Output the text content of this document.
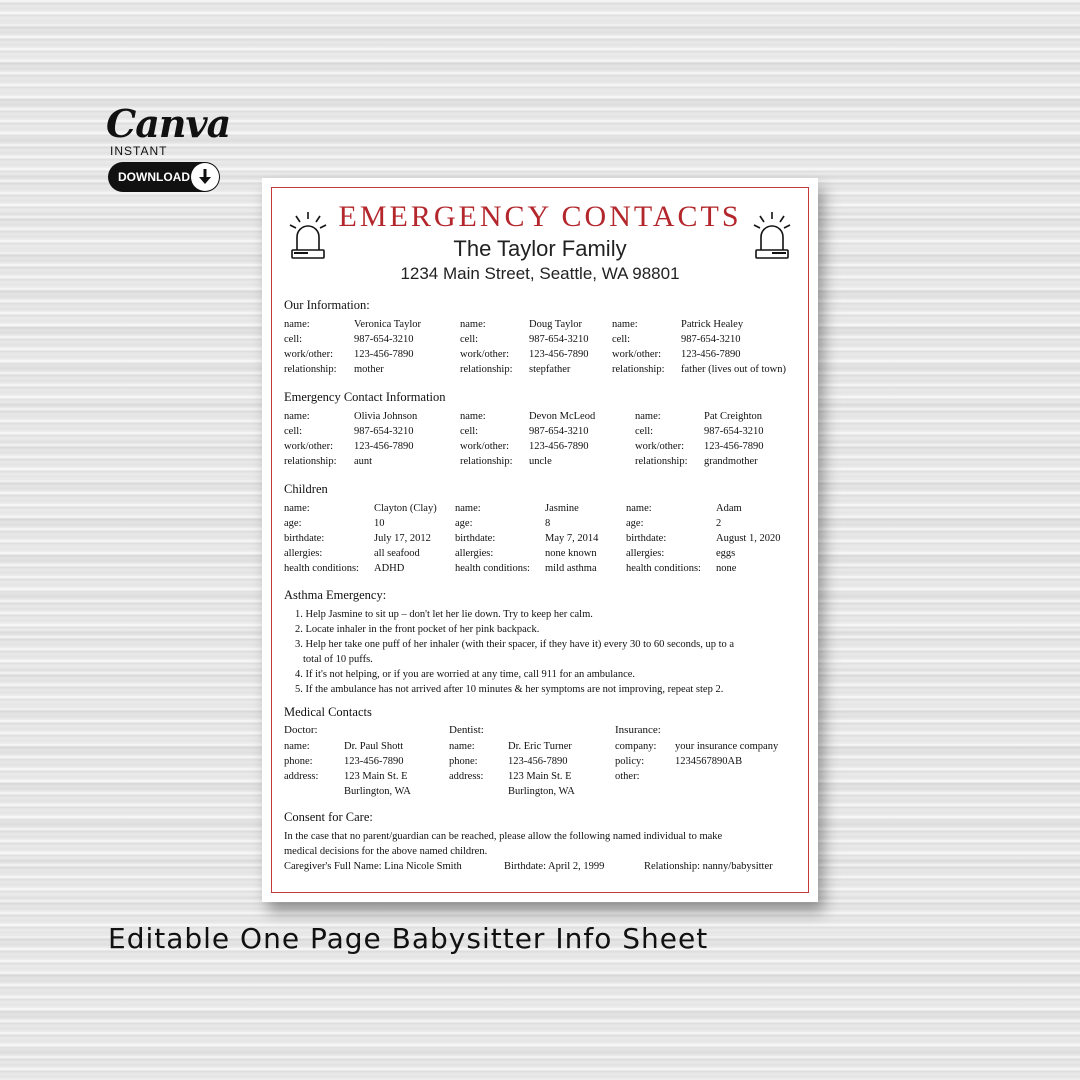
Canva
INSTANT
DOWNLOAD
EMERGENCY CONTACTS
The Taylor Family
1234 Main Street, Seattle, WA 98801
Our Information:
name:
cell:
work/other:
relationship:
Veronica Taylor
987-654-3210
123-456-7890
mother
name:
cell:
work/other:
relationship:
Doug Taylor
987-654-3210
123-456-7890
stepfather
name:
cell:
work/other:
relationship:
Patrick Healey
987-654-3210
123-456-7890
father (lives out of town)
Emergency Contact Information
name:
cell:
work/other:
relationship:
Olivia Johnson
987-654-3210
123-456-7890
aunt
name:
cell:
work/other:
relationship:
Devon McLeod
987-654-3210
123-456-7890
uncle
name:
cell:
work/other:
relationship:
Pat Creighton
987-654-3210
123-456-7890
grandmother
Children
name:
age:
birthdate:
allergies:
health conditions:
Clayton (Clay)
10
July 17, 2012
all seafood
ADHD
name:
age:
birthdate:
allergies:
health conditions:
Jasmine
8
May 7, 2014
none known
mild asthma
name:
age:
birthdate:
allergies:
health conditions:
Adam
2
August 1, 2020
eggs
none
Asthma Emergency:
1. Help Jasmine to sit up – don't let her lie down. Try to keep her calm.
2. Locate inhaler in the front pocket of her pink backpack.
3. Help her take one puff of her inhaler (with their spacer, if they have it) every 30 to 60 seconds, up to a
total of 10 puffs.
4. If it's not helping, or if you are worried at any time, call 911 for an ambulance.
5. If the ambulance has not arrived after 10 minutes & her symptoms are not improving, repeat step 2.
Medical Contacts
Doctor:
name:
phone:
address:
Dr. Paul Shott
123-456-7890
123 Main St. E
Burlington, WA
Dentist:
name:
phone:
address:
Dr. Eric Turner
123-456-7890
123 Main St. E
Burlington, WA
Insurance:
company:
policy:
other:
your insurance company
1234567890AB
Consent for Care:
In the case that no parent/guardian can be reached, please allow the following named individual to make
medical decisions for the above named children.
Caregiver's Full Name: Lina Nicole Smith	Birthdate: April 2, 1999	Relationship: nanny/babysitter
Editable One Page Babysitter Info Sheet
